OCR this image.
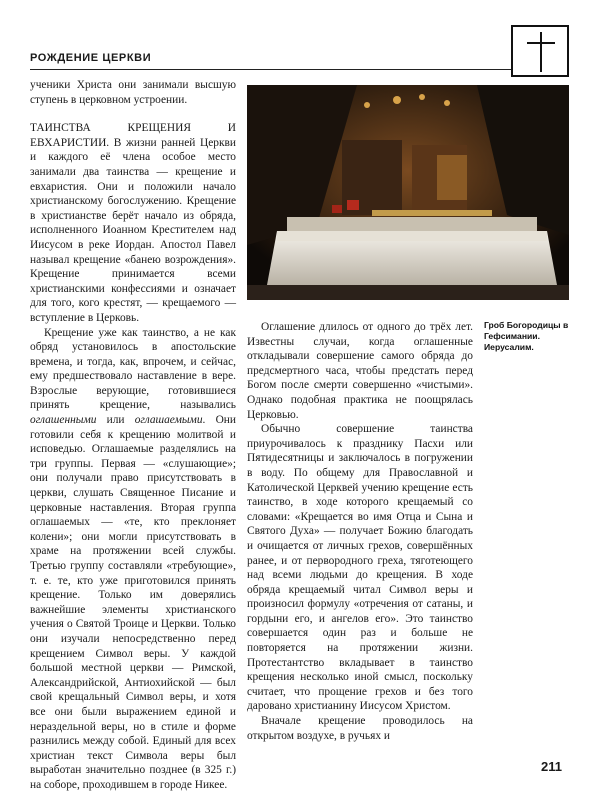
РОЖДЕНИЕ ЦЕРКВИ

ученики Христа они занимали высшую ступень в церковном устроении.

ТАИНСТВА КРЕЩЕНИЯ И ЕВХАРИСТИИ. В жизни ранней Церкви и каждого её члена особое место занимали два таинства — крещение и евхаристия. Они и положили начало христианскому богослужению. Крещение в христианстве берёт начало из обряда, исполненного Иоанном Крестителем над Иисусом в реке Иордан. Апостол Павел называл крещение «банею возрождения». Крещение принимается всеми христианскими конфессиями и означает для того, кого крестят, — крещаемого — вступление в Церковь.

Крещение уже как таинство, а не как обряд установилось в апостольские времена, и тогда, как, впрочем, и сейчас, ему предшествовало наставление в вере. Взрослые верующие, готовившиеся принять крещение, назывались оглашенными или оглашаемыми. Они готовили себя к крещению молитвой и исповедью. Оглашаемые разделялись на три группы. Первая — «слушающие»; они получали право присутствовать в церкви, слушать Священное Писание и церковные наставления. Вторая группа оглашаемых — «те, кто преклоняет колени»; они могли присутствовать в храме на протяжении всей службы. Третью группу составляли «требующие», т. е. те, кто уже приготовился принять крещение. Только им доверялись важнейшие элементы христианского учения о Святой Троице и Церкви. Только они изучали непосредственно перед крещением Символ веры. У каждой большой местной церкви — Римской, Александрийской, Антиохийской — был свой крещальный Символ веры, и хотя все они были выражением единой и нераздельной веры, но в стиле и форме разнились между собой. Единый для всех христиан текст Символа веры был выработан значительно позднее (в 325 г.) на соборе, проходившем в городе Никее.

Гроб Богородицы в Гефсимании. Иерусалим.

Оглашение длилось от одного до трёх лет. Известны случаи, когда оглашенные откладывали совершение самого обряда до предсмертного часа, чтобы предстать перед Богом после смерти совершенно «чистыми». Однако подобная практика не поощрялась Церковью.

Обычно совершение таинства приурочивалось к празднику Пасхи или Пятидесятницы и заключалось в погружении в воду. По общему для Православной и Католической Церквей учению крещение есть таинство, в ходе которого крещаемый со словами: «Крещается во имя Отца и Сына и Святого Духа» — получает Божию благодать и очищается от личных грехов, совершённых ранее, и от первородного греха, тяготеющего над всеми людьми до крещения. В ходе обряда крещаемый читал Символ веры и произносил формулу «отречения от сатаны, и гордыни его, и ангелов его». Это таинство совершается один раз и больше не повторяется на протяжении жизни. Протестантство вкладывает в таинство крещения несколько иной смысл, поскольку считает, что прощение грехов и без того даровано христианину Иисусом Христом.

Вначале крещение проводилось на открытом воздухе, в ручьях и

211
